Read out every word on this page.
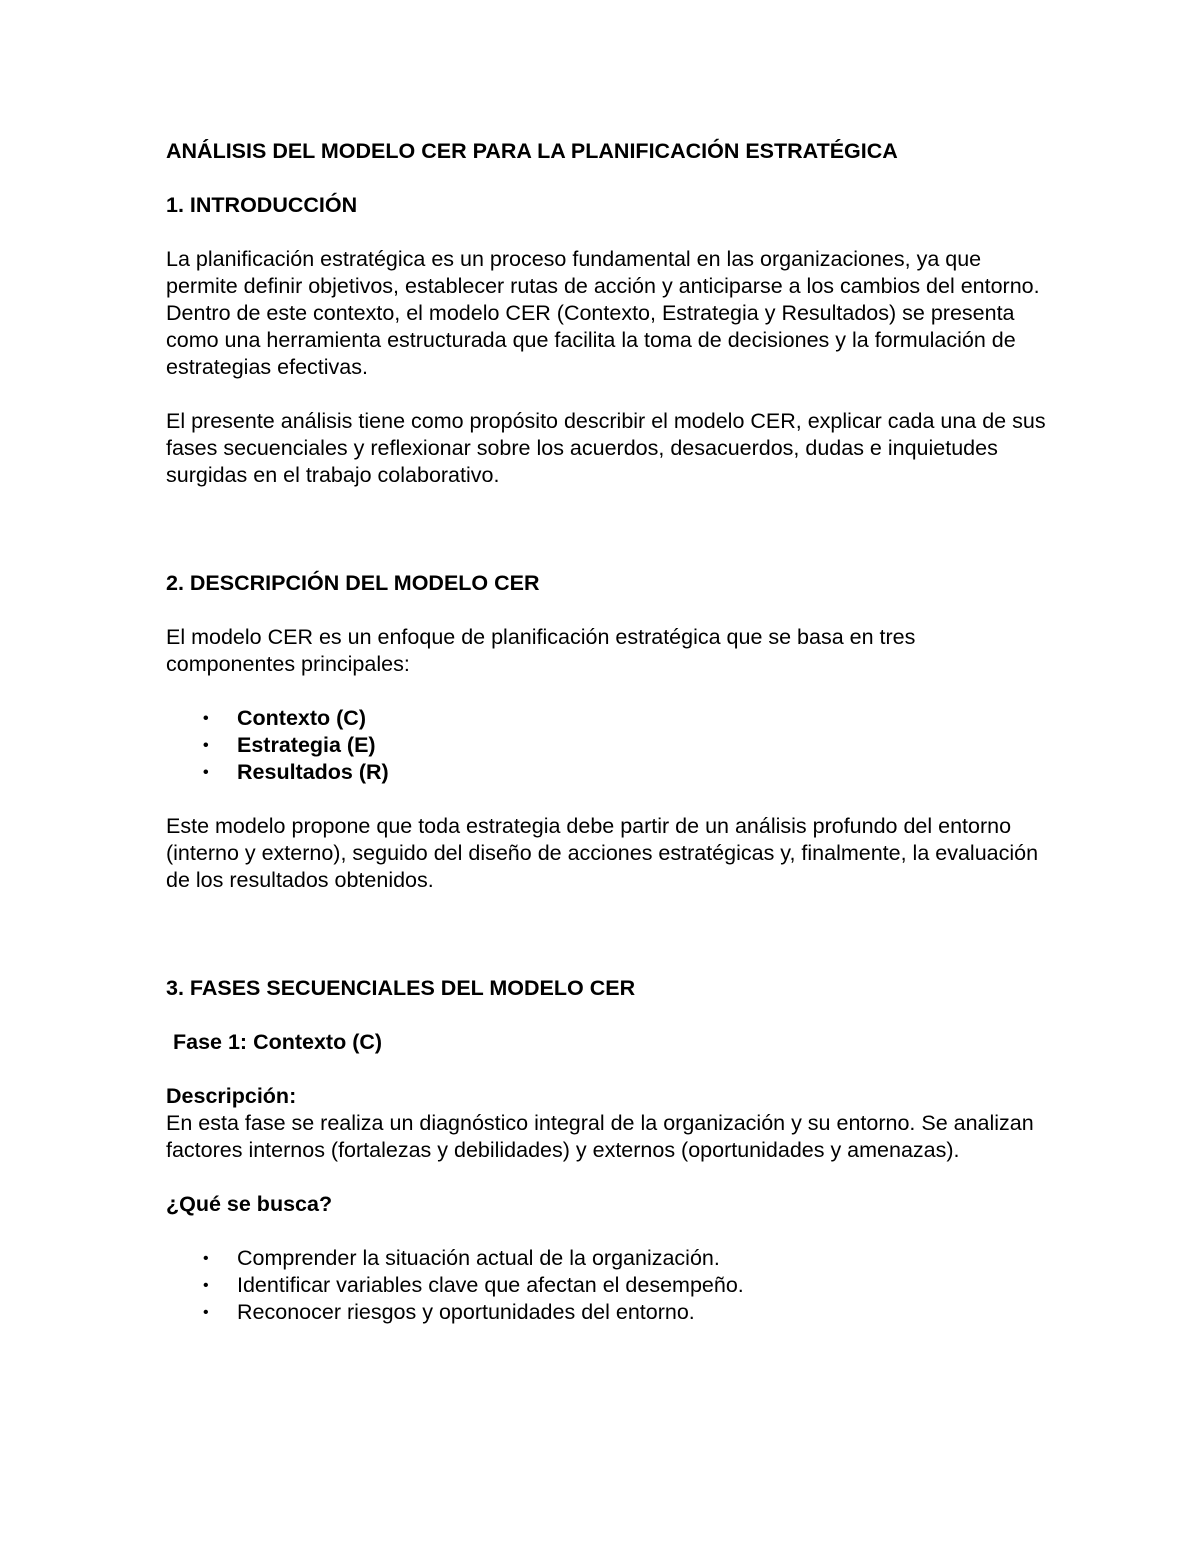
ANÁLISIS DEL MODELO CER PARA LA PLANIFICACIÓN ESTRATÉGICA
1. INTRODUCCIÓN

La planificación estratégica es un proceso fundamental en las organizaciones, ya que permite definir objetivos, establecer rutas de acción y anticiparse a los cambios del entorno. Dentro de este contexto, el modelo CER (Contexto, Estrategia y Resultados) se presenta como una herramienta estructurada que facilita la toma de decisiones y la formulación de estrategias efectivas.

El presente análisis tiene como propósito describir el modelo CER, explicar cada una de sus fases secuenciales y reflexionar sobre los acuerdos, desacuerdos, dudas e inquietudes surgidas en el trabajo colaborativo.

2. DESCRIPCIÓN DEL MODELO CER

El modelo CER es un enfoque de planificación estratégica que se basa en tres componentes principales:

• Contexto (C)
• Estrategia (E)
• Resultados (R)

Este modelo propone que toda estrategia debe partir de un análisis profundo del entorno (interno y externo), seguido del diseño de acciones estratégicas y, finalmente, la evaluación de los resultados obtenidos.

3. FASES SECUENCIALES DEL MODELO CER
Fase 1: Contexto (C)
Descripción:
En esta fase se realiza un diagnóstico integral de la organización y su entorno. Se analizan factores internos (fortalezas y debilidades) y externos (oportunidades y amenazas).
¿Qué se busca?
• Comprender la situación actual de la organización.
• Identificar variables clave que afectan el desempeño.
• Reconocer riesgos y oportunidades del entorno.
